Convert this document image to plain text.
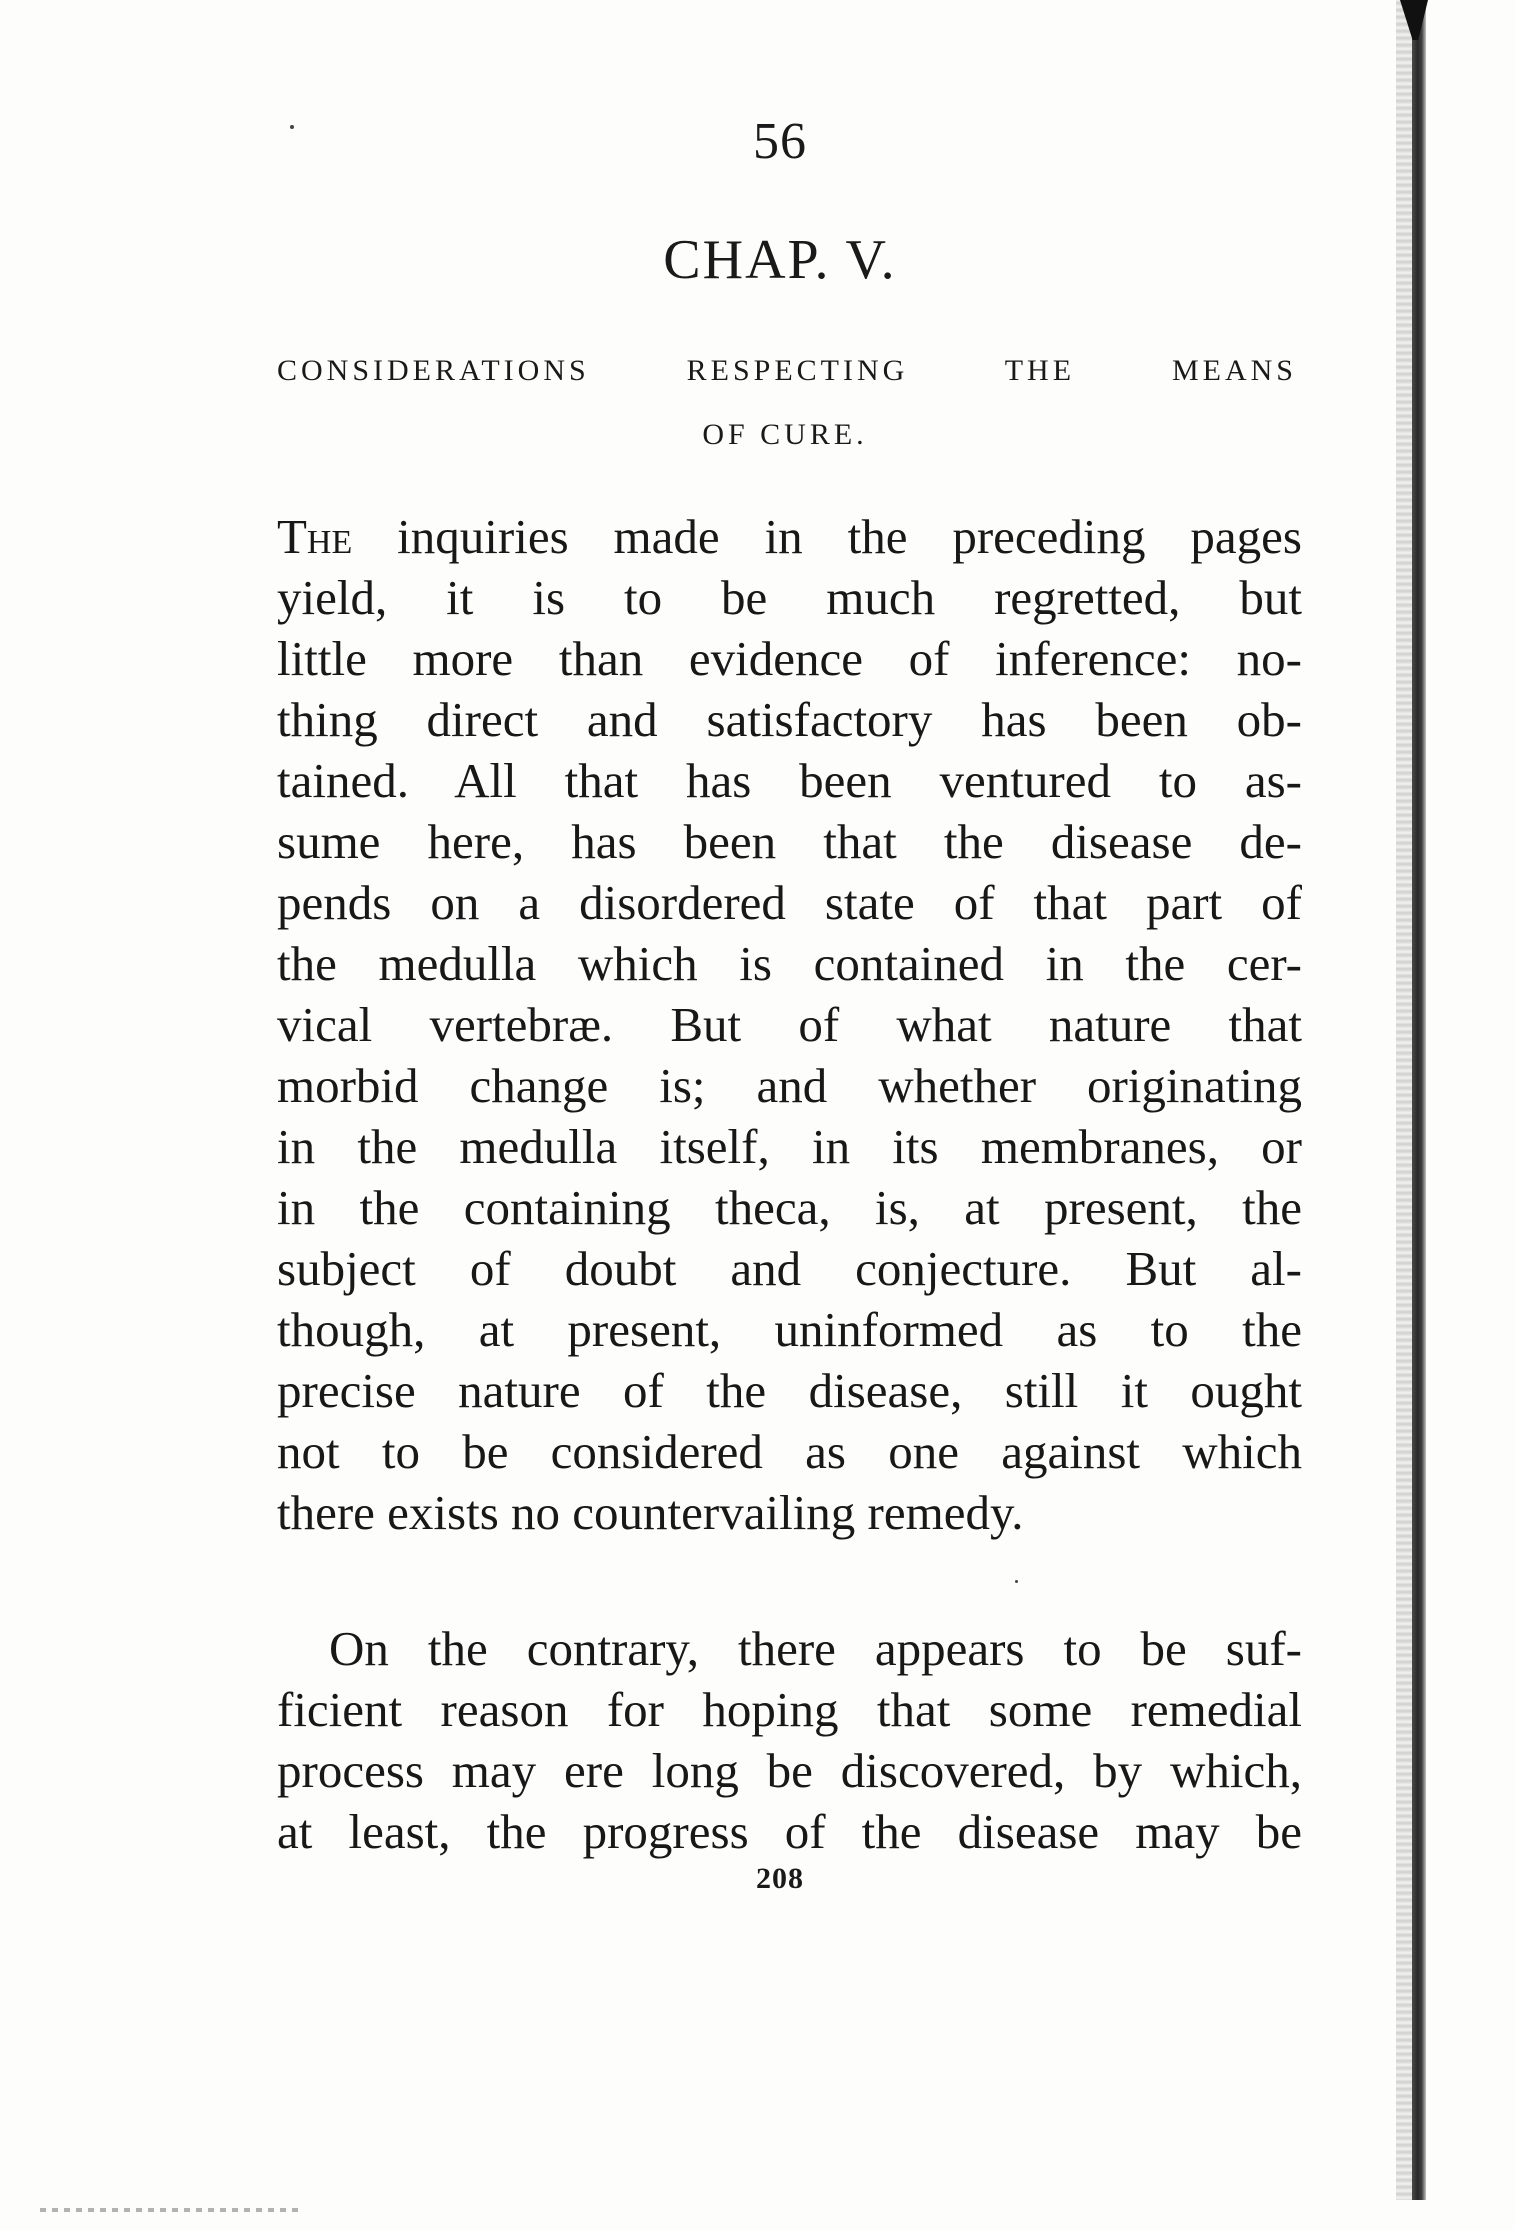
56
CHAP. V.
CONSIDERATIONS RESPECTING THE MEANS
OF CURE.
The inquiries made in the preceding pages
yield, it is to be much regretted, but
little more than evidence of inference: no-
thing direct and satisfactory has been ob-
tained. All that has been ventured to as-
sume here, has been that the disease de-
pends on a disordered state of that part of
the medulla which is contained in the cer-
vical vertebræ. But of what nature that
morbid change is; and whether originating
in the medulla itself, in its membranes, or
in the containing theca, is, at present, the
subject of doubt and conjecture. But al-
though, at present, uninformed as to the
precise nature of the disease, still it ought
not to be considered as one against which
there exists no countervailing remedy.
On the contrary, there appears to be suf-
ficient reason for hoping that some remedial
process may ere long be discovered, by which,
at least, the progress of the disease may be
208
